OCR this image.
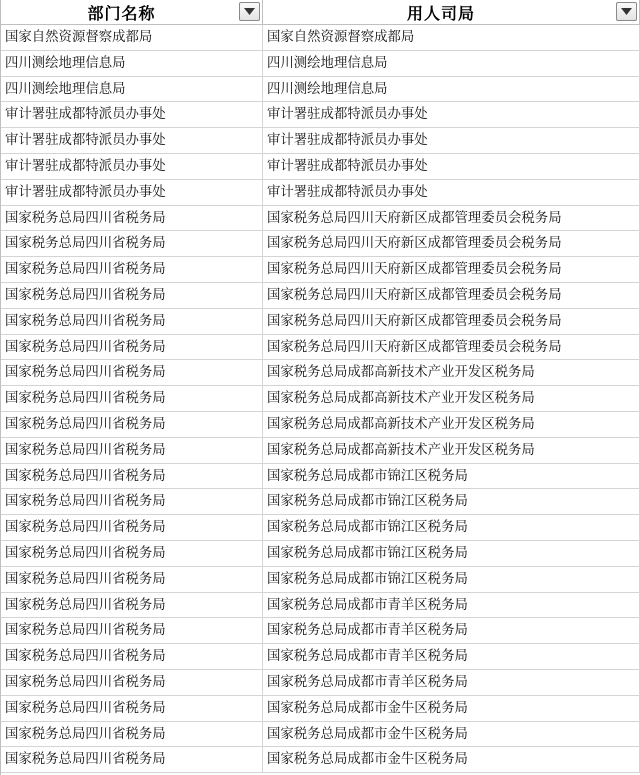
部门名称	用人司局
国家自然资源督察成都局	国家自然资源督察成都局
四川测绘地理信息局	四川测绘地理信息局
四川测绘地理信息局	四川测绘地理信息局
审计署驻成都特派员办事处	审计署驻成都特派员办事处
审计署驻成都特派员办事处	审计署驻成都特派员办事处
审计署驻成都特派员办事处	审计署驻成都特派员办事处
审计署驻成都特派员办事处	审计署驻成都特派员办事处
国家税务总局四川省税务局	国家税务总局四川天府新区成都管理委员会税务局
国家税务总局四川省税务局	国家税务总局四川天府新区成都管理委员会税务局
国家税务总局四川省税务局	国家税务总局四川天府新区成都管理委员会税务局
国家税务总局四川省税务局	国家税务总局四川天府新区成都管理委员会税务局
国家税务总局四川省税务局	国家税务总局四川天府新区成都管理委员会税务局
国家税务总局四川省税务局	国家税务总局四川天府新区成都管理委员会税务局
国家税务总局四川省税务局	国家税务总局成都高新技术产业开发区税务局
国家税务总局四川省税务局	国家税务总局成都高新技术产业开发区税务局
国家税务总局四川省税务局	国家税务总局成都高新技术产业开发区税务局
国家税务总局四川省税务局	国家税务总局成都高新技术产业开发区税务局
国家税务总局四川省税务局	国家税务总局成都市锦江区税务局
国家税务总局四川省税务局	国家税务总局成都市锦江区税务局
国家税务总局四川省税务局	国家税务总局成都市锦江区税务局
国家税务总局四川省税务局	国家税务总局成都市锦江区税务局
国家税务总局四川省税务局	国家税务总局成都市锦江区税务局
国家税务总局四川省税务局	国家税务总局成都市青羊区税务局
国家税务总局四川省税务局	国家税务总局成都市青羊区税务局
国家税务总局四川省税务局	国家税务总局成都市青羊区税务局
国家税务总局四川省税务局	国家税务总局成都市青羊区税务局
国家税务总局四川省税务局	国家税务总局成都市金牛区税务局
国家税务总局四川省税务局	国家税务总局成都市金牛区税务局
国家税务总局四川省税务局	国家税务总局成都市金牛区税务局
